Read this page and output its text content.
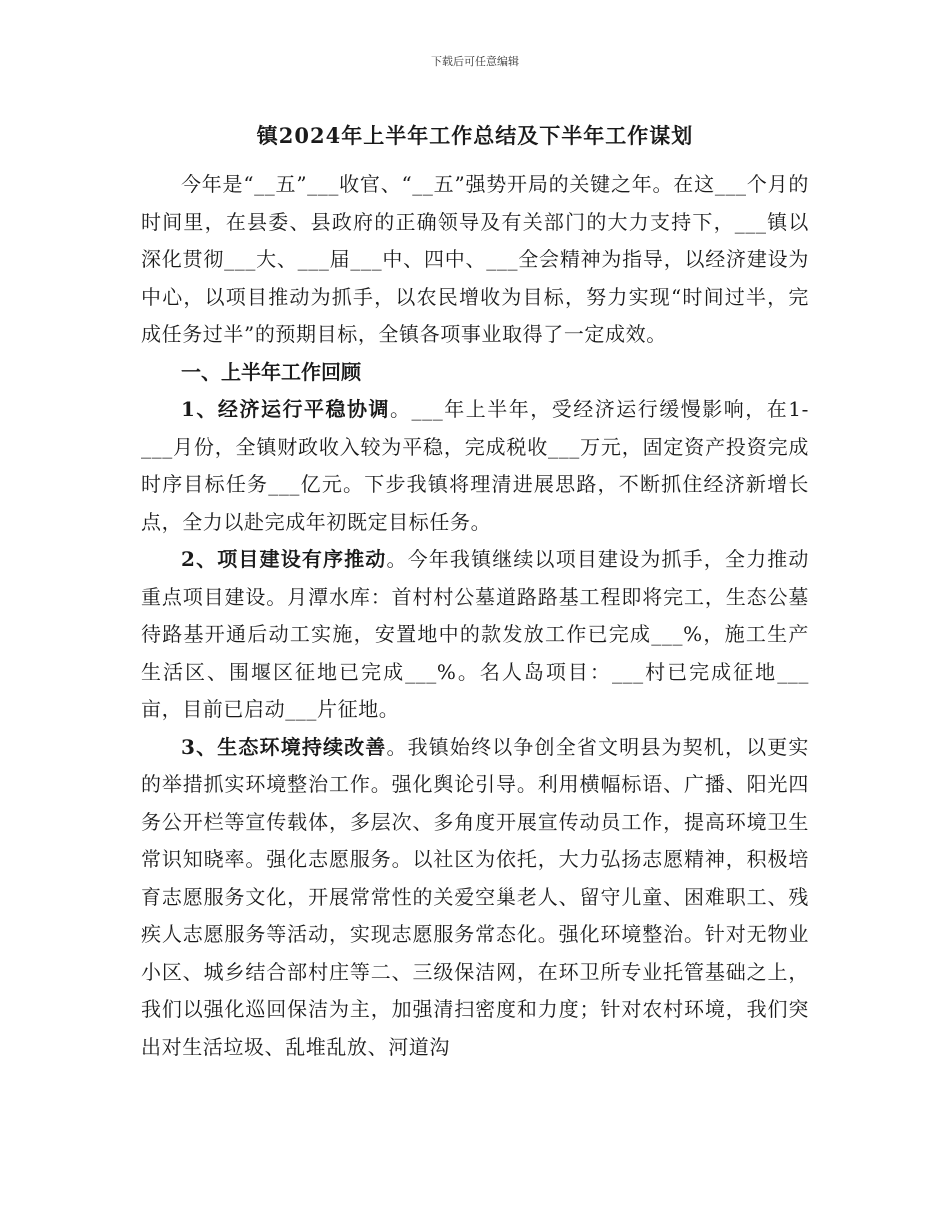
下载后可任意编辑
镇2024年上半年工作总结及下半年工作谋划

今年是“__五”___收官、“__五”强势开局的关键之年。在这___个月的时间里，在县委、县政府的正确领导及有关部门的大力支持下，___镇以深化贯彻___大、___届___中、四中、___全会精神为指导，以经济建设为中心，以项目推动为抓手，以农民增收为目标，努力实现“时间过半，完成任务过半”的预期目标，全镇各项事业取得了一定成效。

一、上半年工作回顾

1、经济运行平稳协调。___年上半年，受经济运行缓慢影响，在1-___月份，全镇财政收入较为平稳，完成税收___万元，固定资产投资完成时序目标任务___亿元。下步我镇将理清进展思路，不断抓住经济新增长点，全力以赴完成年初既定目标任务。

2、项目建设有序推动。今年我镇继续以项目建设为抓手，全力推动重点项目建设。月潭水库：首村村公墓道路路基工程即将完工，生态公墓待路基开通后动工实施，安置地中的款发放工作已完成___%，施工生产生活区、围堰区征地已完成___%。名人岛项目：___村已完成征地___亩，目前已启动___片征地。

3、生态环境持续改善。我镇始终以争创全省文明县为契机，以更实的举措抓实环境整治工作。强化舆论引导。利用横幅标语、广播、阳光四务公开栏等宣传载体，多层次、多角度开展宣传动员工作，提高环境卫生常识知晓率。强化志愿服务。以社区为依托，大力弘扬志愿精神，积极培育志愿服务文化，开展常常性的关爱空巢老人、留守儿童、困难职工、残疾人志愿服务等活动，实现志愿服务常态化。强化环境整治。针对无物业小区、城乡结合部村庄等二、三级保洁网，在环卫所专业托管基础之上，我们以强化巡回保洁为主，加强清扫密度和力度；针对农村环境，我们突出对生活垃圾、乱堆乱放、河道沟
